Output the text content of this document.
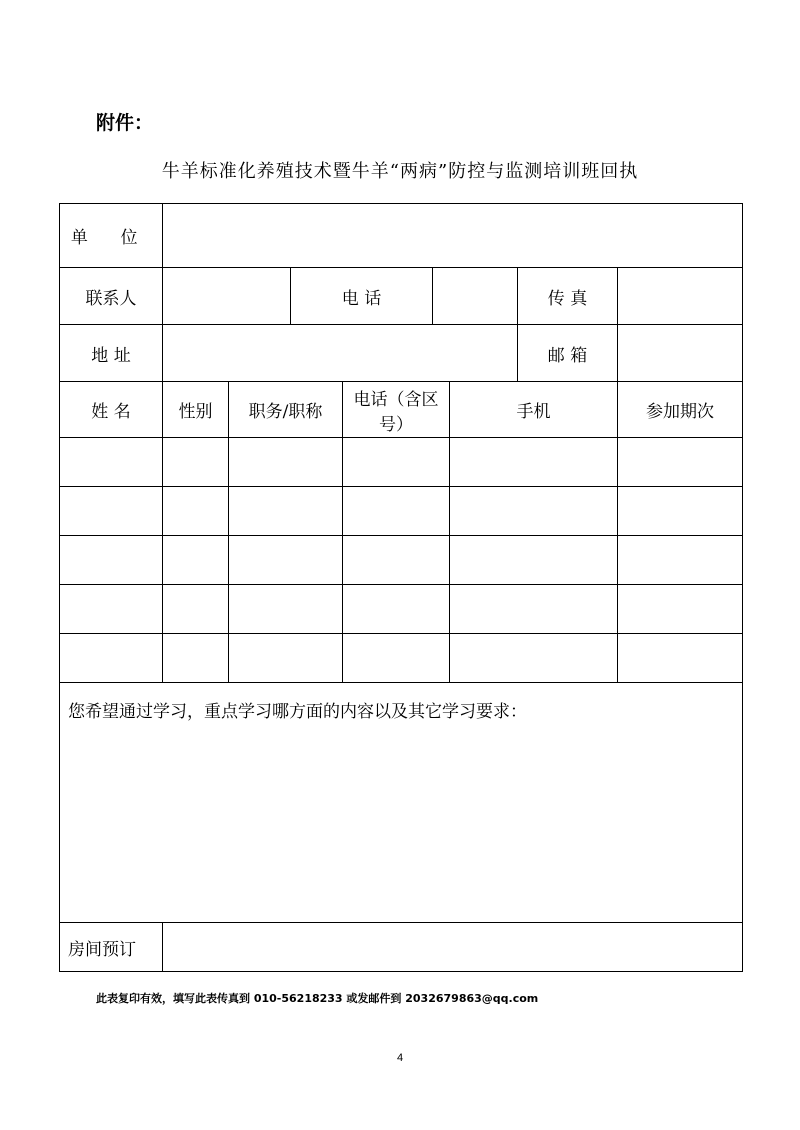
附件：
牛羊标准化养殖技术暨牛羊“两病”防控与监测培训班回执
单 位								
联系人			电 话				传 真	
地 址							邮 箱	
姓 名	性别	职务/职称		电话（含区号）		手机		参加期次

您希望通过学习，重点学习哪方面的内容以及其它学习要求：								
房间预订								
此表复印有效，填写此表传真到 010-56218233 或发邮件到 2032679863@qq.com
4
